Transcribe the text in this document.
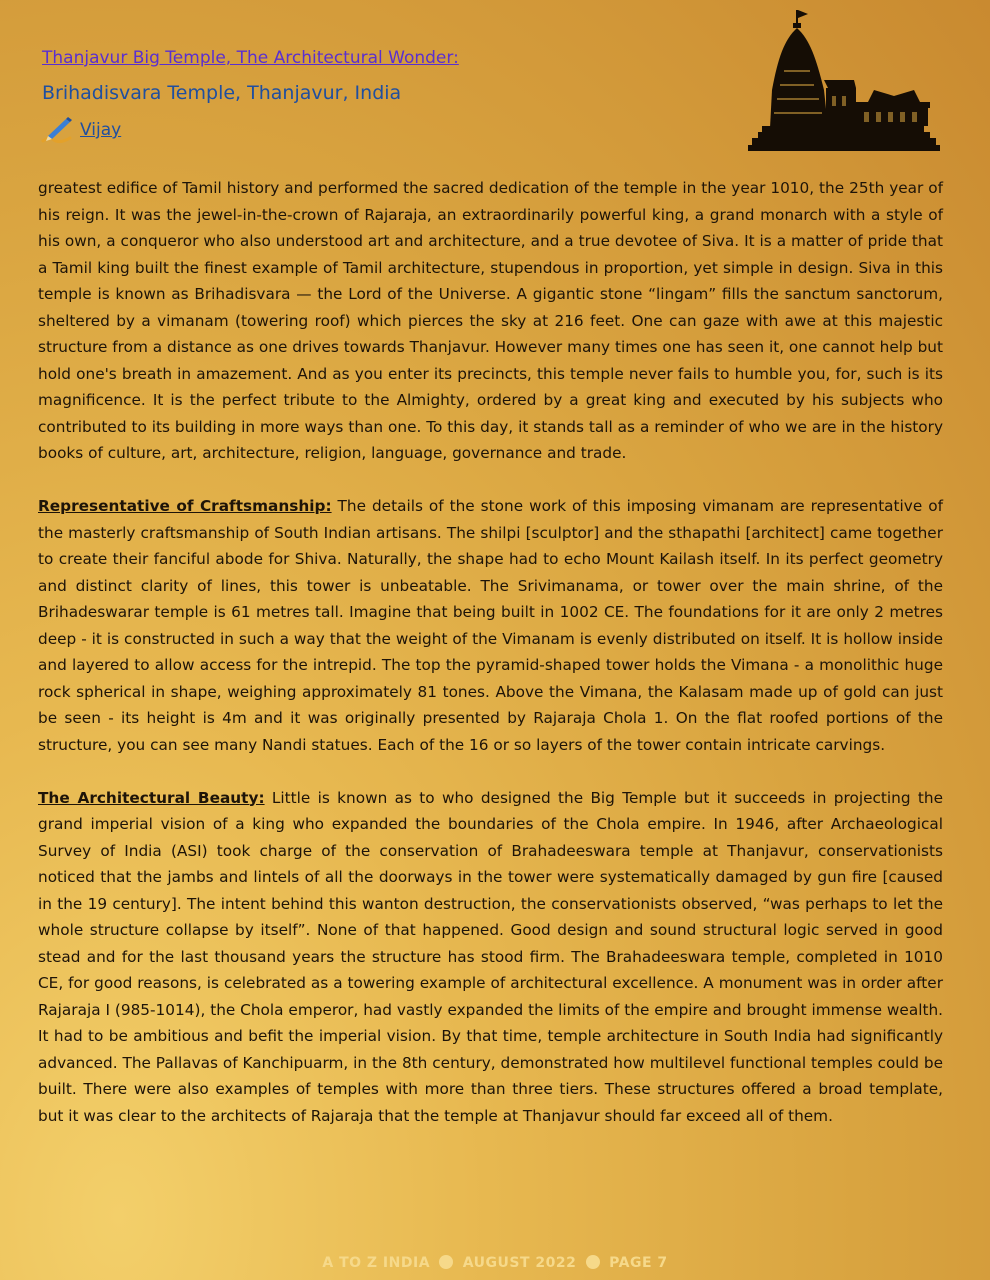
Thanjavur Big Temple, The Architectural Wonder:
Brihadisvara Temple, Thanjavur, India
Vijay

greatest edifice of Tamil history and performed the sacred dedication of the temple in the year 1010, the 25th year of his reign. It was the jewel-in-the-crown of Rajaraja, an extraordinarily powerful king, a grand monarch with a style of his own, a conqueror who also understood art and architecture, and a true devotee of Siva. It is a matter of pride that a Tamil king built the finest example of Tamil architecture, stupendous in proportion, yet simple in design. Siva in this temple is known as Brihadisvara — the Lord of the Universe. A gigantic stone “lingam” fills the sanctum sanctorum, sheltered by a vimanam (towering roof) which pierces the sky at 216 feet. One can gaze with awe at this majestic structure from a distance as one drives towards Thanjavur. However many times one has seen it, one cannot help but hold one's breath in amazement. And as you enter its precincts, this temple never fails to humble you, for, such is its magnificence. It is the perfect tribute to the Almighty, ordered by a great king and executed by his subjects who contributed to its building in more ways than one. To this day, it stands tall as a reminder of who we are in the history books of culture, art, architecture, religion, language, governance and trade.

Representative of Craftsmanship: The details of the stone work of this imposing vimanam are representative of the masterly craftsmanship of South Indian artisans. The shilpi [sculptor] and the sthapathi [architect] came together to create their fanciful abode for Shiva. Naturally, the shape had to echo Mount Kailash itself. In its perfect geometry and distinct clarity of lines, this tower is unbeatable. The Srivimanama, or tower over the main shrine, of the Brihadeswarar temple is 61 metres tall. Imagine that being built in 1002 CE. The foundations for it are only 2 metres deep - it is constructed in such a way that the weight of the Vimanam is evenly distributed on itself. It is hollow inside and layered to allow access for the intrepid. The top the pyramid-shaped tower holds the Vimana - a monolithic huge rock spherical in shape, weighing approximately 81 tones. Above the Vimana, the Kalasam made up of gold can just be seen - its height is 4m and it was originally presented by Rajaraja Chola 1. On the flat roofed portions of the structure, you can see many Nandi statues. Each of the 16 or so layers of the tower contain intricate carvings.

The Architectural Beauty: Little is known as to who designed the Big Temple but it succeeds in projecting the grand imperial vision of a king who expanded the boundaries of the Chola empire. In 1946, after Archaeological Survey of India (ASI) took charge of the conservation of Brahadeeswara temple at Thanjavur, conservationists noticed that the jambs and lintels of all the doorways in the tower were systematically damaged by gun fire [caused in the 19 century]. The intent behind this wanton destruction, the conservationists observed, “was perhaps to let the whole structure collapse by itself”. None of that happened. Good design and sound structural logic served in good stead and for the last thousand years the structure has stood firm. The Brahadeeswara temple, completed in 1010 CE, for good reasons, is celebrated as a towering example of architectural excellence. A monument was in order after Rajaraja I (985-1014), the Chola emperor, had vastly expanded the limits of the empire and brought immense wealth. It had to be ambitious and befit the imperial vision. By that time, temple architecture in South India had significantly advanced. The Pallavas of Kanchipuarm, in the 8th century, demonstrated how multilevel functional temples could be built. There were also examples of temples with more than three tiers. These structures offered a broad template, but it was clear to the architects of Rajaraja that the temple at Thanjavur should far exceed all of them.

A TO Z INDIA AUGUST 2022 PAGE 7
